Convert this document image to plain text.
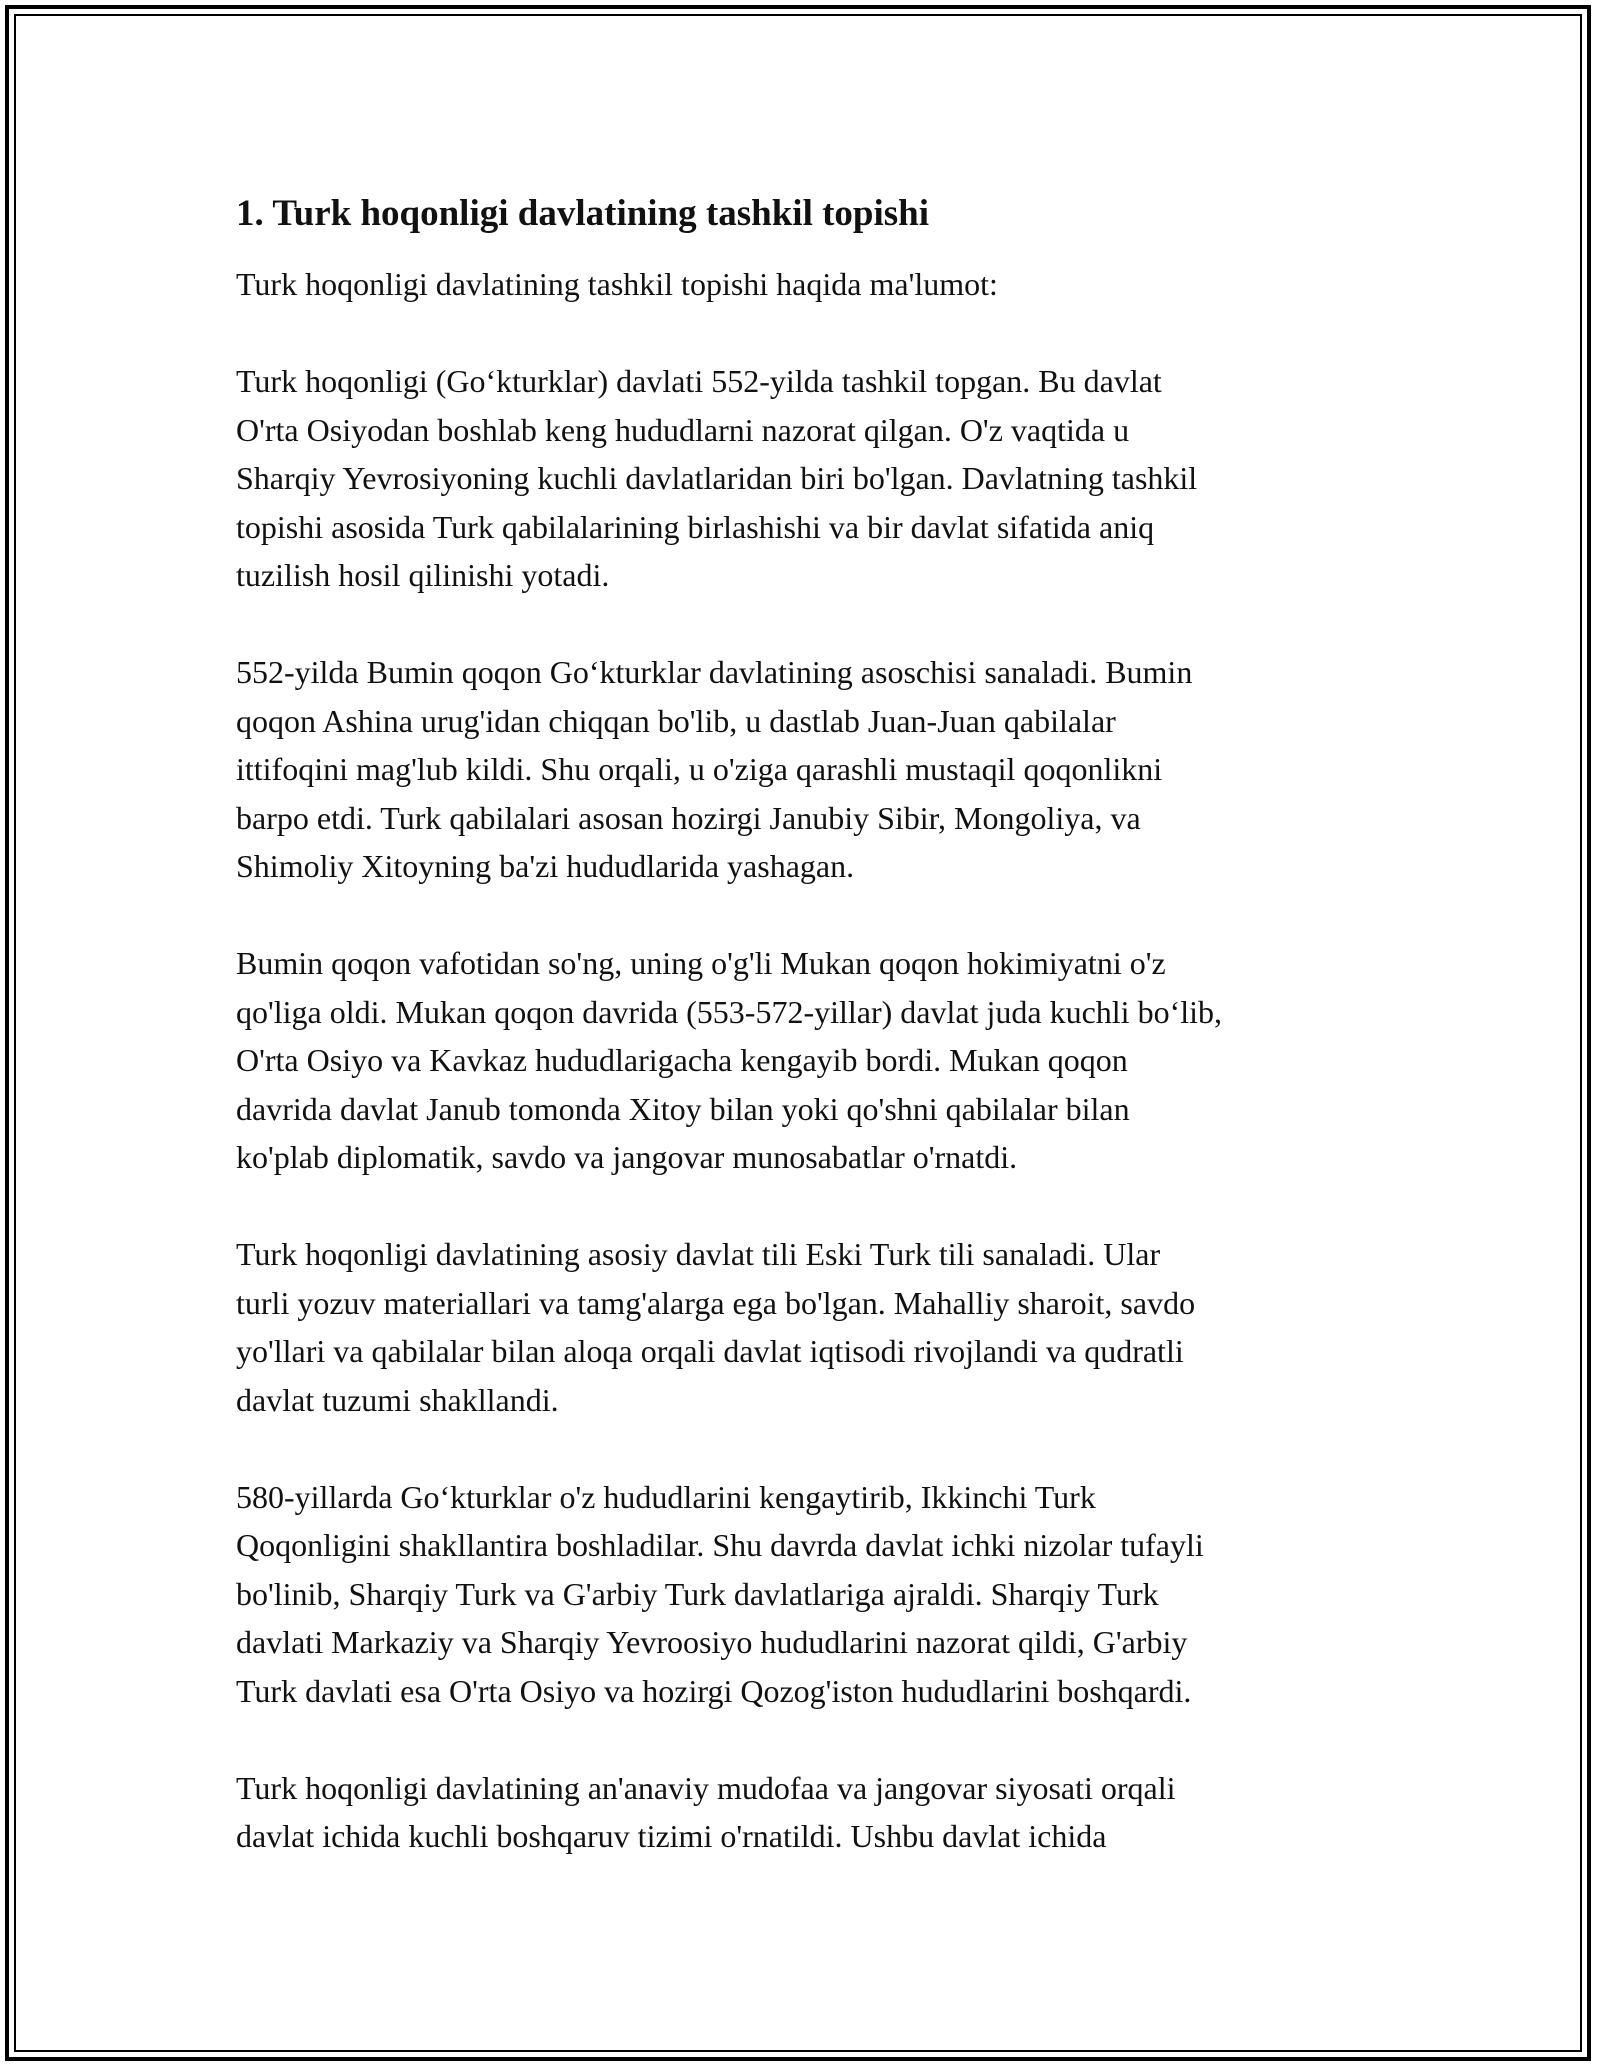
1. Turk hoqonligi davlatining tashkil topishi

Turk hoqonligi davlatining tashkil topishi haqida ma'lumot:

Turk hoqonligi (Go‘kturklar) davlati 552-yilda tashkil topgan. Bu davlat
O'rta Osiyodan boshlab keng hududlarni nazorat qilgan. O'z vaqtida u
Sharqiy Yevrosiyoning kuchli davlatlaridan biri bo'lgan. Davlatning tashkil
topishi asosida Turk qabilalarining birlashishi va bir davlat sifatida aniq
tuzilish hosil qilinishi yotadi.

552-yilda Bumin qoqon Go‘kturklar davlatining asoschisi sanaladi. Bumin
qoqon Ashina urug'idan chiqqan bo'lib, u dastlab Juan-Juan qabilalar
ittifoqini mag'lub kildi. Shu orqali, u o'ziga qarashli mustaqil qoqonlikni
barpo etdi. Turk qabilalari asosan hozirgi Janubiy Sibir, Mongoliya, va
Shimoliy Xitoyning ba'zi hududlarida yashagan.

Bumin qoqon vafotidan so'ng, uning o'g'li Mukan qoqon hokimiyatni o'z
qo'liga oldi. Mukan qoqon davrida (553-572-yillar) davlat juda kuchli bo‘lib,
O'rta Osiyo va Kavkaz hududlarigacha kengayib bordi. Mukan qoqon
davrida davlat Janub tomonda Xitoy bilan yoki qo'shni qabilalar bilan
ko'plab diplomatik, savdo va jangovar munosabatlar o'rnatdi.

Turk hoqonligi davlatining asosiy davlat tili Eski Turk tili sanaladi. Ular
turli yozuv materiallari va tamg'alarga ega bo'lgan. Mahalliy sharoit, savdo
yo'llari va qabilalar bilan aloqa orqali davlat iqtisodi rivojlandi va qudratli
davlat tuzumi shakllandi.

580-yillarda Go‘kturklar o'z hududlarini kengaytirib, Ikkinchi Turk
Qoqonligini shakllantira boshladilar. Shu davrda davlat ichki nizolar tufayli
bo'linib, Sharqiy Turk va G'arbiy Turk davlatlariga ajraldi. Sharqiy Turk
davlati Markaziy va Sharqiy Yevroosiyo hududlarini nazorat qildi, G'arbiy
Turk davlati esa O'rta Osiyo va hozirgi Qozog'iston hududlarini boshqardi.

Turk hoqonligi davlatining an'anaviy mudofaa va jangovar siyosati orqali
davlat ichida kuchli boshqaruv tizimi o'rnatildi. Ushbu davlat ichida
